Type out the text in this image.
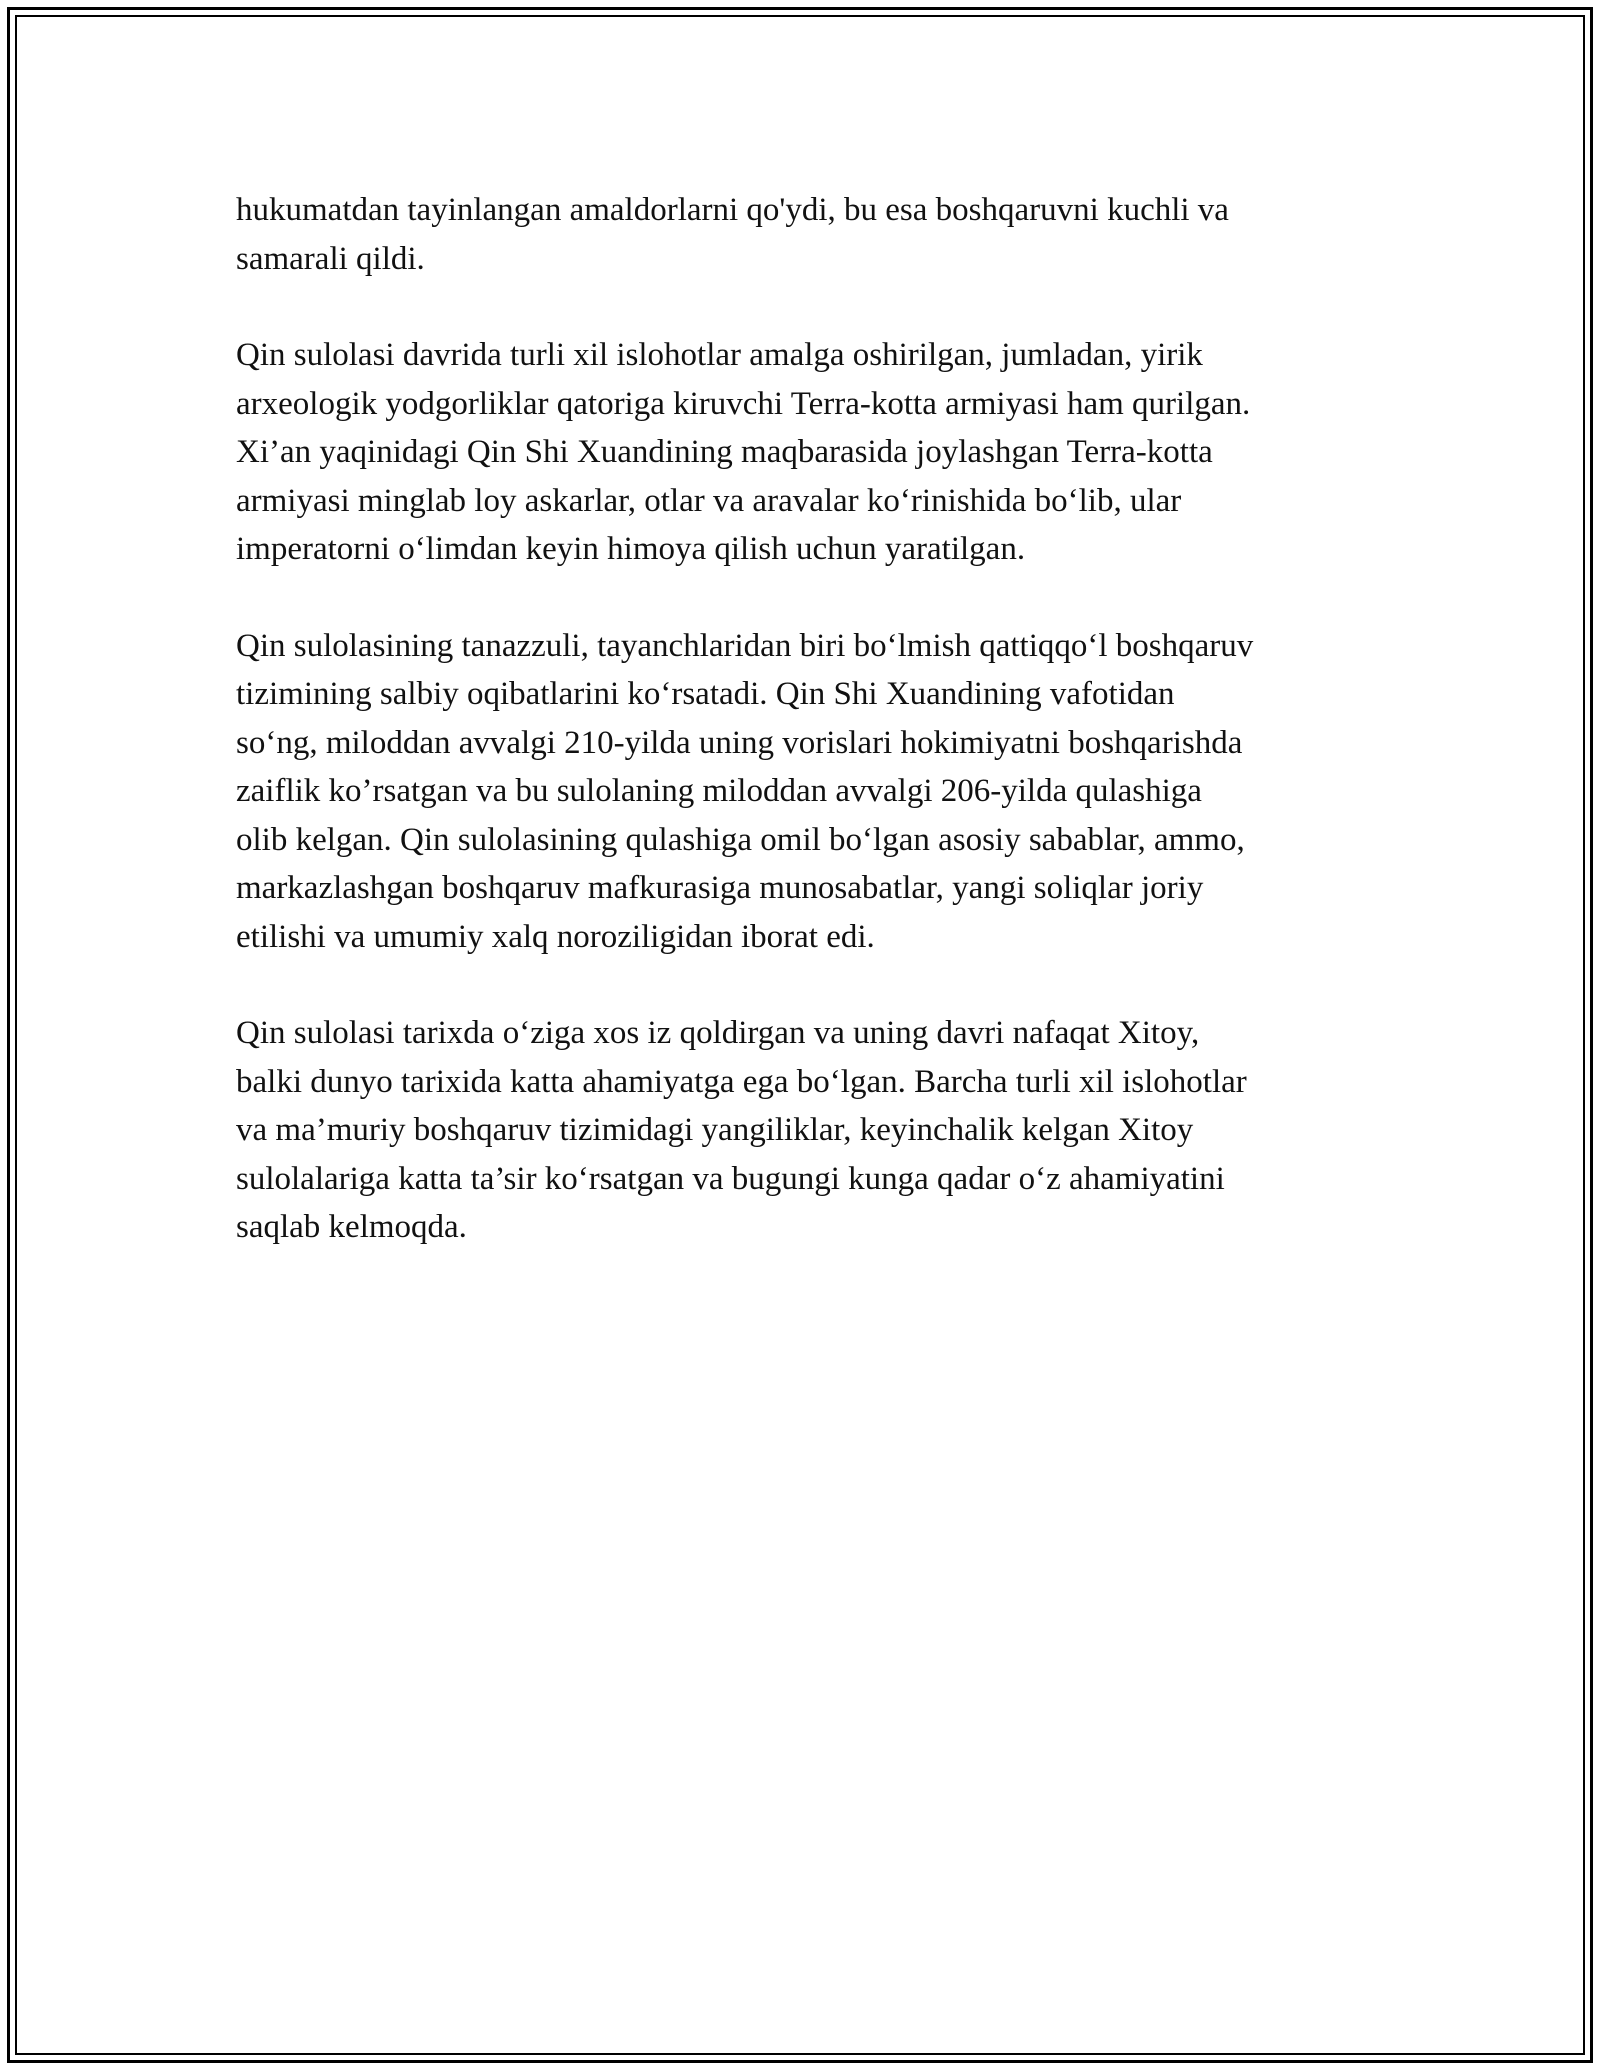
hukumatdan tayinlangan amaldorlarni qo'ydi, bu esa boshqaruvni kuchli va
samarali qildi.

Qin sulolasi davrida turli xil islohotlar amalga oshirilgan, jumladan, yirik
arxeologik yodgorliklar qatoriga kiruvchi Terra-kotta armiyasi ham qurilgan.
Xi’an yaqinidagi Qin Shi Xuandining maqbarasida joylashgan Terra-kotta
armiyasi minglab loy askarlar, otlar va aravalar koʻrinishida boʻlib, ular
imperatorni oʻlimdan keyin himoya qilish uchun yaratilgan.

Qin sulolasining tanazzuli, tayanchlaridan biri boʻlmish qattiqqoʻl boshqaruv
tizimining salbiy oqibatlarini koʻrsatadi. Qin Shi Xuandining vafotidan
soʻng, miloddan avvalgi 210-yilda uning vorislari hokimiyatni boshqarishda
zaiflik ko’rsatgan va bu sulolaning miloddan avvalgi 206-yilda qulashiga
olib kelgan. Qin sulolasining qulashiga omil boʻlgan asosiy sabablar, ammo,
markazlashgan boshqaruv mafkurasiga munosabatlar, yangi soliqlar joriy
etilishi va umumiy xalq noroziligidan iborat edi.

Qin sulolasi tarixda oʻziga xos iz qoldirgan va uning davri nafaqat Xitoy,
balki dunyo tarixida katta ahamiyatga ega boʻlgan. Barcha turli xil islohotlar
va ma’muriy boshqaruv tizimidagi yangiliklar, keyinchalik kelgan Xitoy
sulolalariga katta ta’sir koʻrsatgan va bugungi kunga qadar oʻz ahamiyatini
saqlab kelmoqda.
